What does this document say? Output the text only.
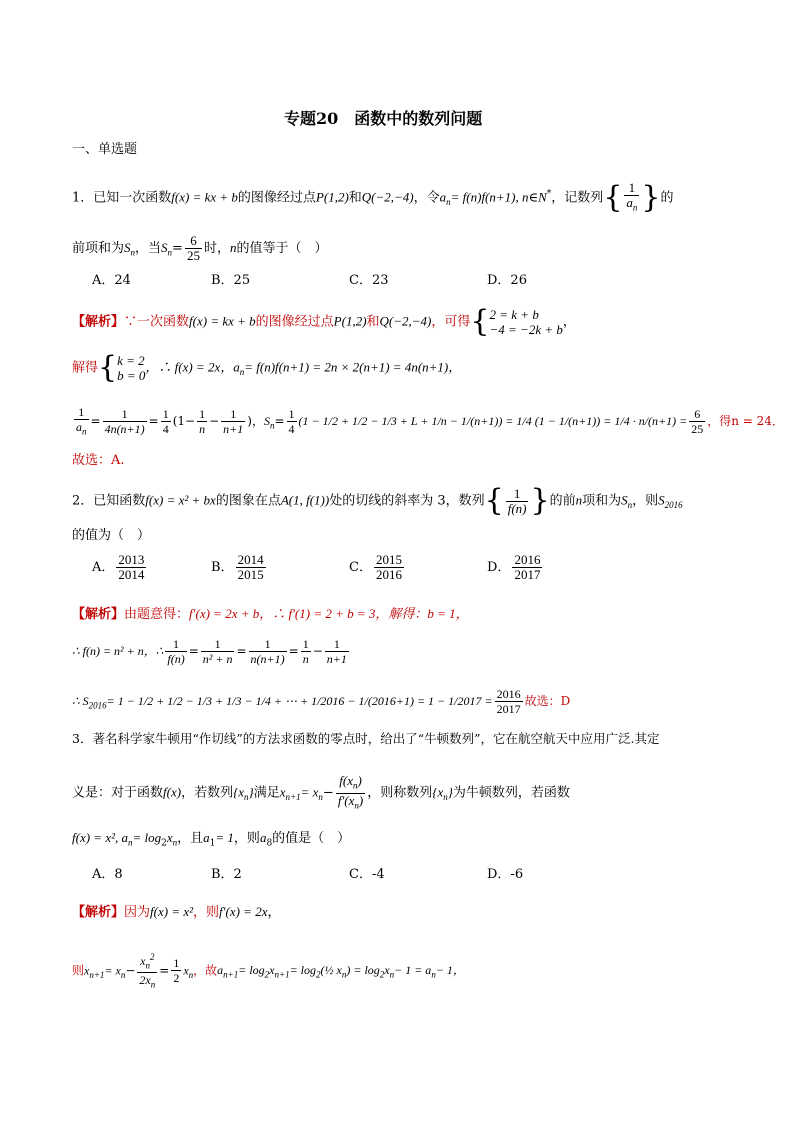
专题20　函数中的数列问题
一、单选题
1．已知一次函数f(x) = kx + b的图像经过点P(1,2)和Q(−2,−4)，令$a_n= f(n)f(n+1)$, n∈N*，记数列{ $\frac{1}{a_n}$ }的
前项和为$S_n$，当$S_n= \frac{6}{25}$ 时，n的值等于（　）
A．24	B．25	C．23	D．26
【解析】∵一次函数f(x) = kx + b的图像经过点P(1,2)和Q(−2,−4)，可得{ 2 = k + b
−4 = −2k + b ，
解得{ k = 2
b = 0
，∴ f(x) = 2x，$a_n= f(n)f(n+1) = 2n \times 2(n+1) = 4n(n+1)$，
$\frac{1}{a_n} = \frac{1}{4n(n+1)} = \frac{1}{4} (1- \frac{1}{n} - \frac{1}{n+1}$ )，$S_n= \frac{1}{4} (1 - 1/2 + 1/2 - 1/3 + L + 1/n - 1/(n+1)) = 1/4$ $(1 - 1/(n+1)) = 1/4 \cdot n/(n+1) = \frac{6}{25}$ ，得n = 24．
故选：A.
2．已知函数f(x) = x² + bx的图象在点A(1, f(1))处的切线的斜率为 3，数列{ $\frac{1}{f(n)}$ }的前n项和为$S_n$，则$S_{2016}$
的值为（　）
A． $\frac{2013}{2014}$	B． $\frac{2014}{2015}$	C． $\frac{2015}{2016}$	D． $\frac{2016}{2017}$
【解析】由题意得：f′(x) = 2x + b，∴ f′(1) = 2 + b = 3，解得：b = 1，
∴ f(n) = n² + n，∴ $\frac{1}{f(n)} = \frac{1}{\text{n² + n}} = \frac{1}{n(n+1)} = \frac{1}{n} - \frac{1}{n+1}$
∴ $S_{2016}= 1 - 1/2 + 1/2 - 1/3 + 1/3 - 1/4$ + ⋯ + $1/2016 - 1/(2016+1) = 1 - 1/2017 = \frac{2016}{2017}$ 故选：D
3．著名科学家牛顿用“作切线”的方法求函数的零点时，给出了“牛顿数列”，它在航空航天中应用广泛.其定
义是：对于函数f(x)，若数列$\{x_n\}$满足$x_{n+1}= x_n- \frac{f(x_n)}{f'(x_n)}$ ，则称数列$\{x_n\}$为牛顿数列，若函数
f(x) = x², $a_n= \log_2x_n$，且$a_1= 1$，则$a_8$的值是（　）
A．8	B．2	C．-4	D．-6
【解析】因为f(x) = x²，则f′(x) = 2x，
则$x_{n+1}= x_n- \frac{x_n^2}{2x_n} = \frac{1}{2} x_n$，故$a_{n+1}= \log_2x_{n+1}=$ $\log_2(\frac{1}{2}$ $x_n) = \log_2x_n- 1 = a_n- 1$，
